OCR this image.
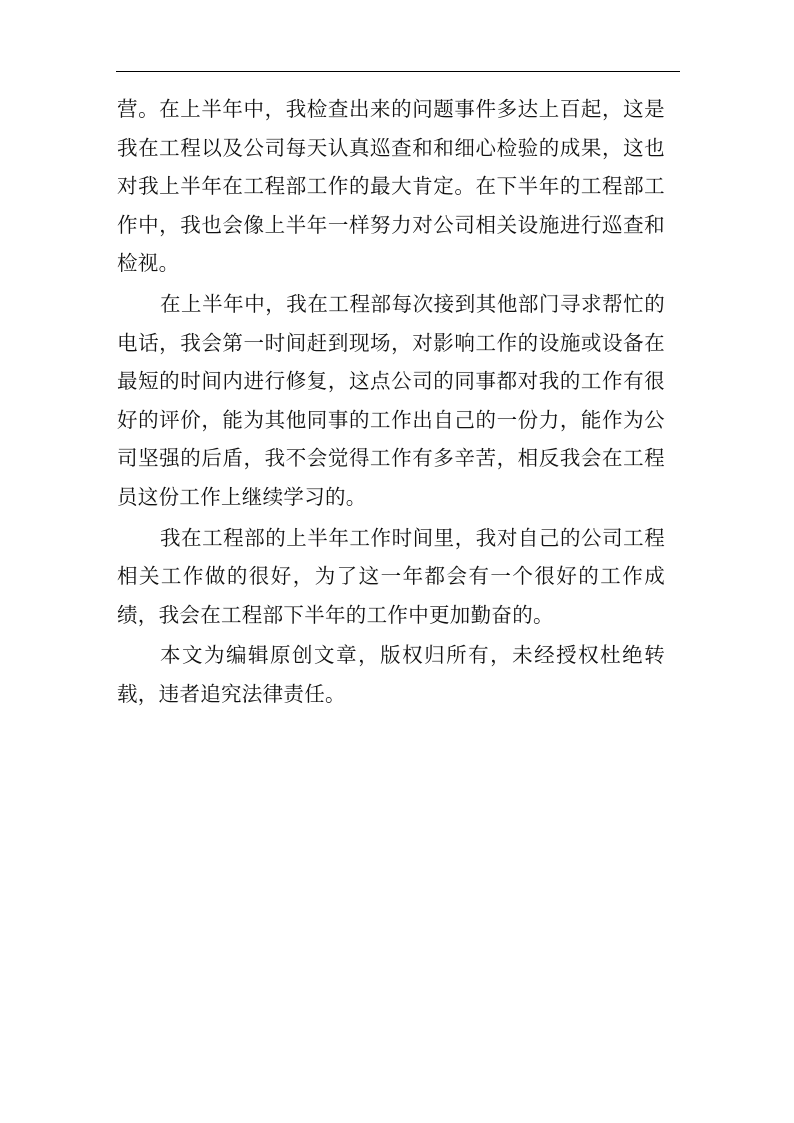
营。在上半年中，我检查出来的问题事件多达上百起，这是我在工程以及公司每天认真巡查和和细心检验的成果，这也对我上半年在工程部工作的最大肯定。在下半年的工程部工作中，我也会像上半年一样努力对公司相关设施进行巡查和检视。

在上半年中，我在工程部每次接到其他部门寻求帮忙的电话，我会第一时间赶到现场，对影响工作的设施或设备在最短的时间内进行修复，这点公司的同事都对我的工作有很好的评价，能为其他同事的工作出自己的一份力，能作为公司坚强的后盾，我不会觉得工作有多辛苦，相反我会在工程员这份工作上继续学习的。

我在工程部的上半年工作时间里，我对自己的公司工程相关工作做的很好，为了这一年都会有一个很好的工作成绩，我会在工程部下半年的工作中更加勤奋的。

本文为编辑原创文章，版权归所有，未经授权杜绝转载，违者追究法律责任。
